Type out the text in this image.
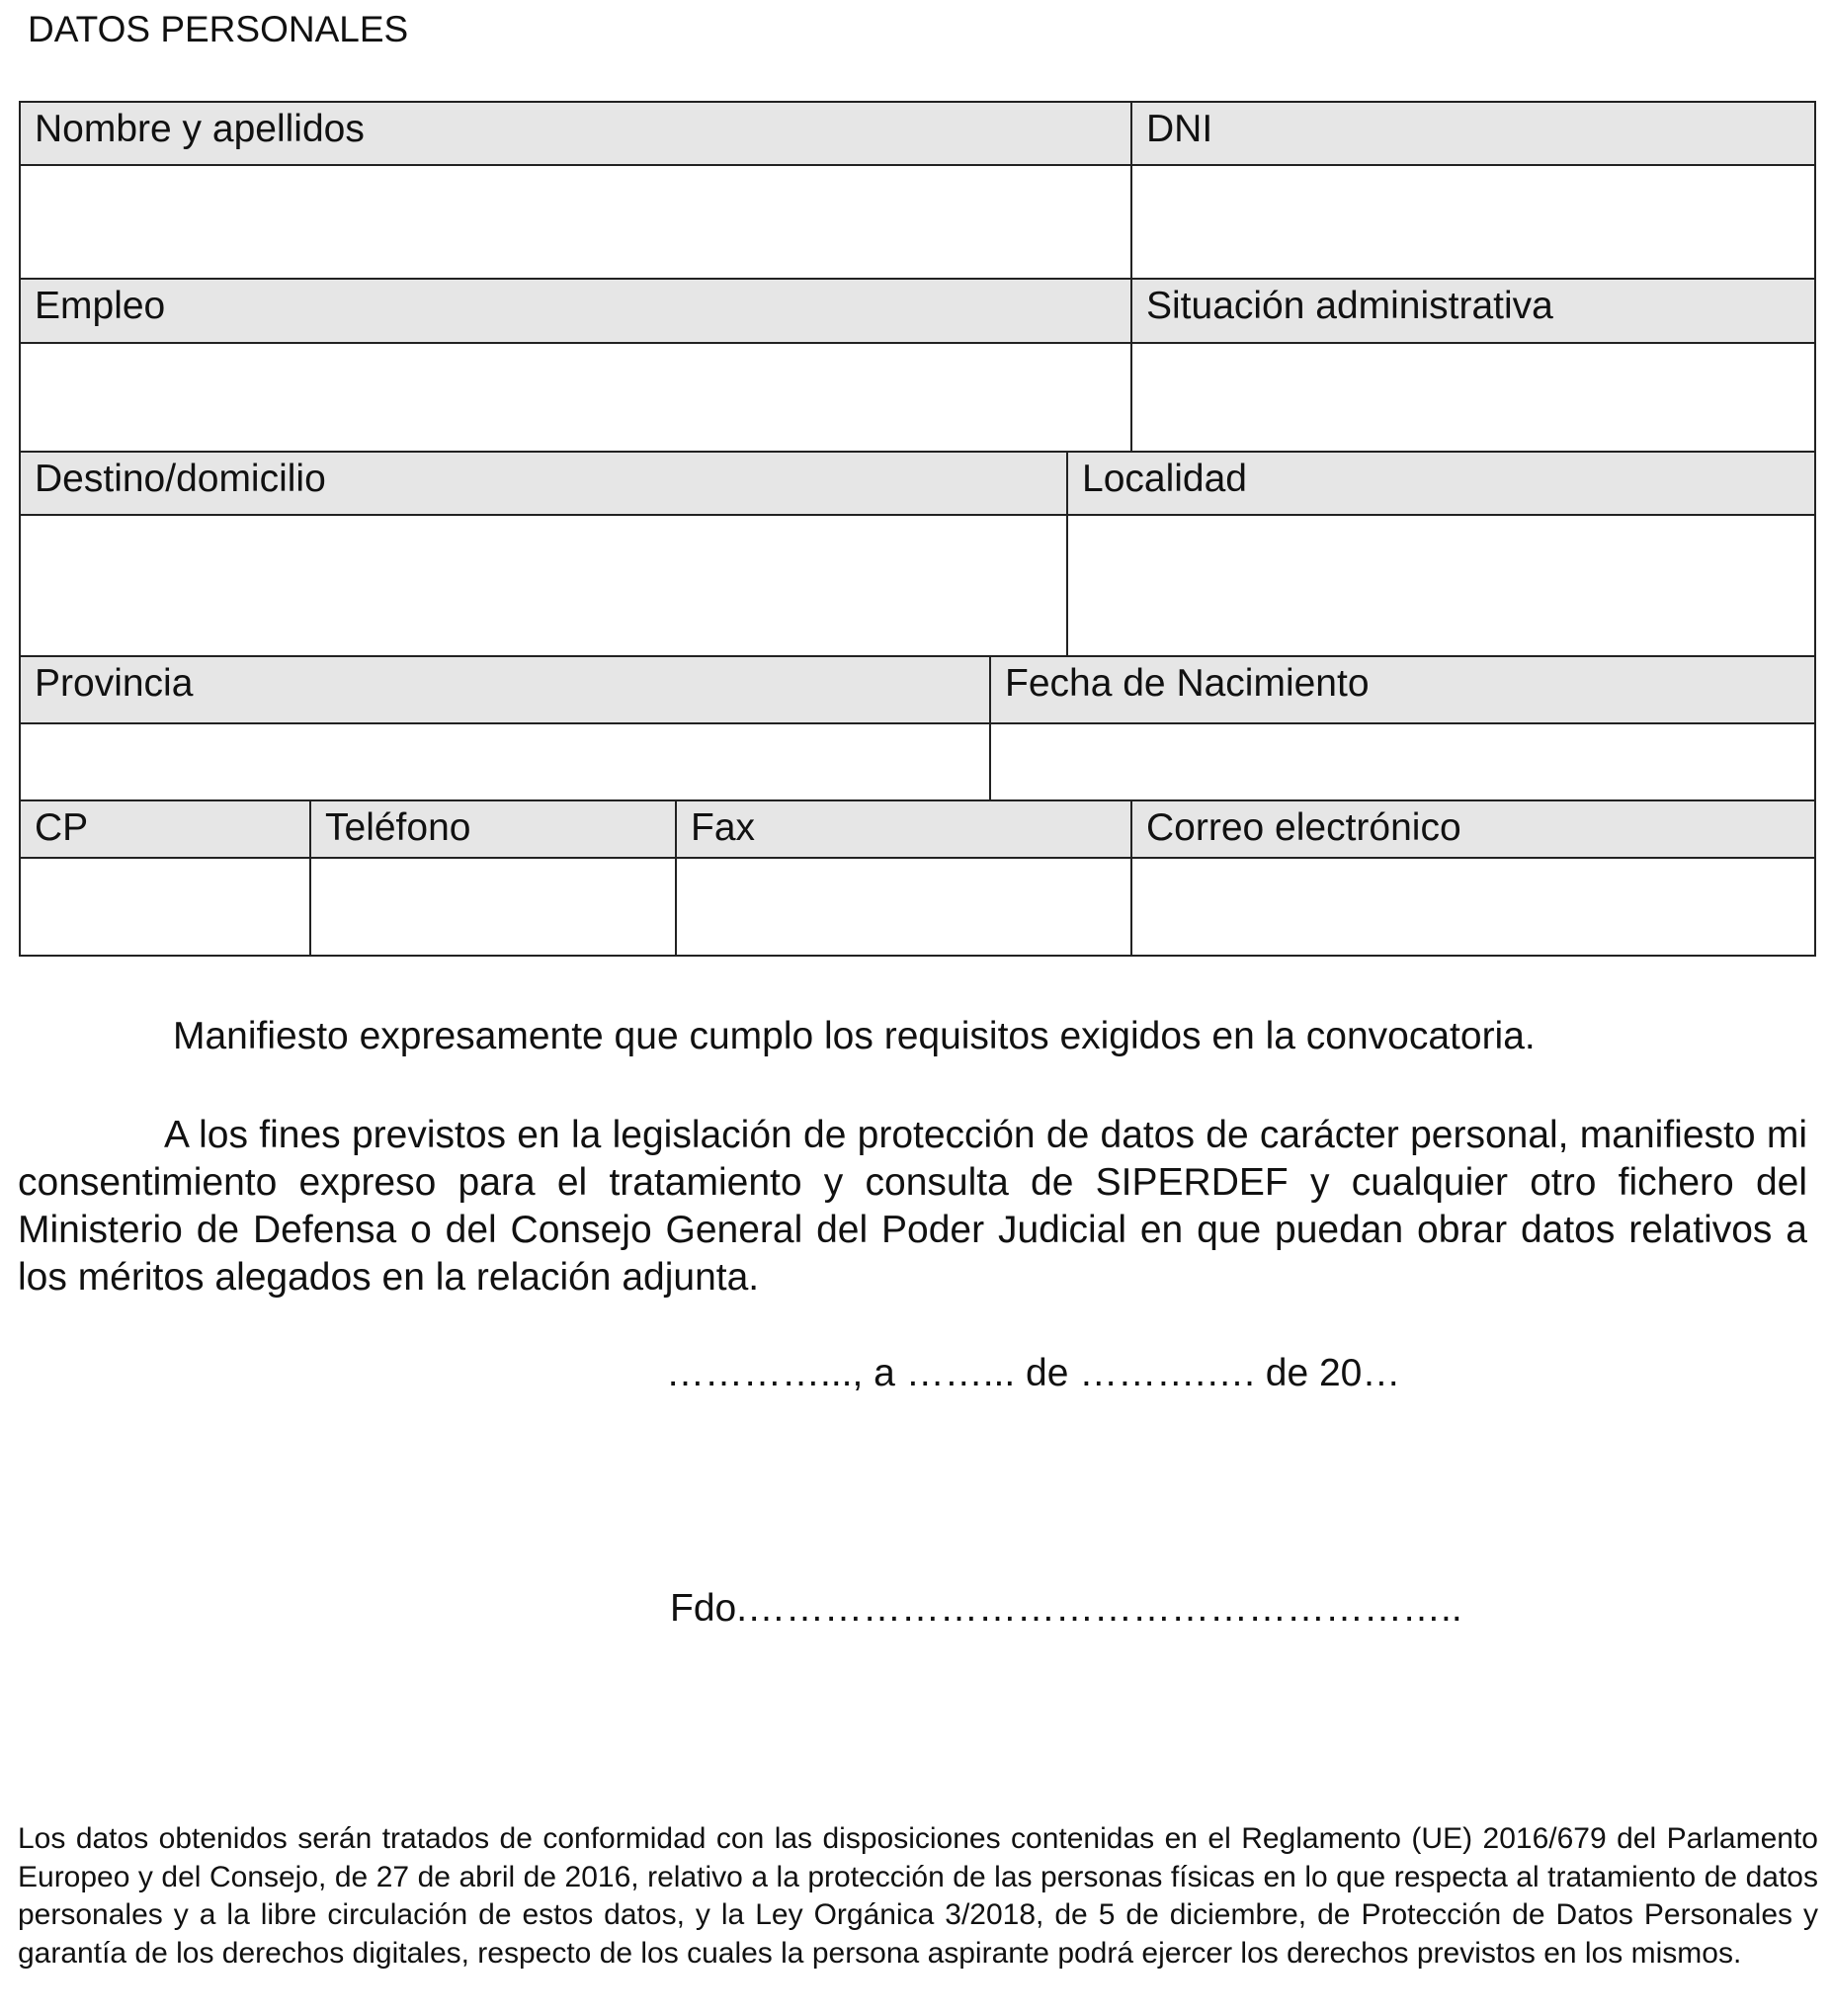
DATOS PERSONALES
Nombre y apellidos					DNI

Empleo					Situación administrativa

Destino/domicilio				Localidad	

Provincia			Fecha de Nacimiento		

CP	Teléfono	Fax			Correo electrónico

Manifiesto expresamente que cumplo los requisitos exigidos en la convocatoria.

A los fines previstos en la legislación de protección de datos de carácter personal, manifiesto mi consentimiento expreso para el tratamiento y consulta de SIPERDEF y cualquier otro fichero del Ministerio de Defensa o del Consejo General del Poder Judicial en que puedan obrar datos relativos a los méritos alegados en la relación adjunta.

…………..., a ……... de ……….…. de 20…
Fdo.………………………………………………..

Los datos obtenidos serán tratados de conformidad con las disposiciones contenidas en el Reglamento (UE) 2016/679 del Parlamento Europeo y del Consejo, de 27 de abril de 2016, relativo a la protección de las personas físicas en lo que respecta al tratamiento de datos personales y a la libre circulación de estos datos, y la Ley Orgánica 3/2018, de 5 de diciembre, de Protección de Datos Personales y garantía de los derechos digitales, respecto de los cuales la persona aspirante podrá ejercer los derechos previstos en los mismos.
